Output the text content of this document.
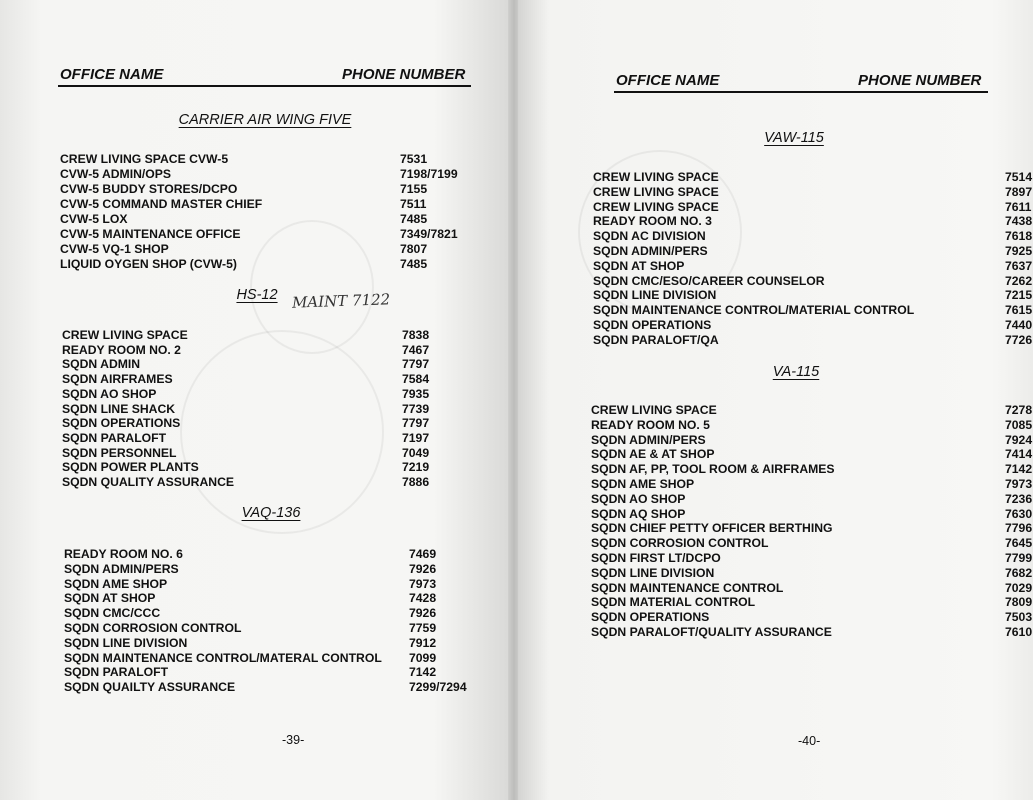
OFFICE NAME	PHONE NUMBER
CARRIER AIR WING FIVE
HS-12
VAQ-136
MAINT 7122
CREW LIVING SPACE CVW-5	7531
CVW-5 ADMIN/OPS	7198/7199
CVW-5 BUDDY STORES/DCPO	7155
CVW-5 COMMAND MASTER CHIEF	7511
CVW-5 LOX	7485
CVW-5 MAINTENANCE OFFICE	7349/7821
CVW-5 VQ-1 SHOP	7807
LIQUID OYGEN SHOP (CVW-5)	7485
CREW LIVING SPACE	7838
READY ROOM NO. 2	7467
SQDN ADMIN	7797
SQDN AIRFRAMES	7584
SQDN AO SHOP	7935
SQDN LINE SHACK	7739
SQDN OPERATIONS	7797
SQDN PARALOFT	7197
SQDN PERSONNEL	7049
SQDN POWER PLANTS	7219
SQDN QUALITY ASSURANCE	7886
READY ROOM NO. 6	7469
SQDN ADMIN/PERS	7926
SQDN AME SHOP	7973
SQDN AT SHOP	7428
SQDN CMC/CCC	7926
SQDN CORROSION CONTROL	7759
SQDN LINE DIVISION	7912
SQDN MAINTENANCE CONTROL/MATERAL CONTROL 7099
SQDN PARALOFT	7142
SQDN QUAILTY ASSURANCE	7299/7294
-39-
OFFICE NAME	PHONE NUMBER
VAW-115
VA-115
CREW LIVING SPACE	7514
CREW LIVING SPACE	7897
CREW LIVING SPACE	7611
READY ROOM NO. 3	7438
SQDN AC DIVISION	7618
SQDN ADMIN/PERS	7925
SQDN AT SHOP	7637
SQDN CMC/ESO/CAREER COUNSELOR	7262
SQDN LINE DIVISION	7215
SQDN MAINTENANCE CONTROL/MATERIAL CONTROL	7615
SQDN OPERATIONS	7440
SQDN PARALOFT/QA	7726
CREW LIVING SPACE	7278
READY ROOM NO. 5	7085
SQDN ADMIN/PERS	7924
SQDN AE & AT SHOP	7414
SQDN AF, PP, TOOL ROOM & AIRFRAMES	7142
SQDN AME SHOP	7973
SQDN AO SHOP	7236
SQDN AQ SHOP	7630
SQDN CHIEF PETTY OFFICER BERTHING	7796
SQDN CORROSION CONTROL	7645
SQDN FIRST LT/DCPO	7799
SQDN LINE DIVISION	7682
SQDN MAINTENANCE CONTROL	7029
SQDN MATERIAL CONTROL	7809
SQDN OPERATIONS	7503
SQDN PARALOFT/QUALITY ASSURANCE	7610
-40-
